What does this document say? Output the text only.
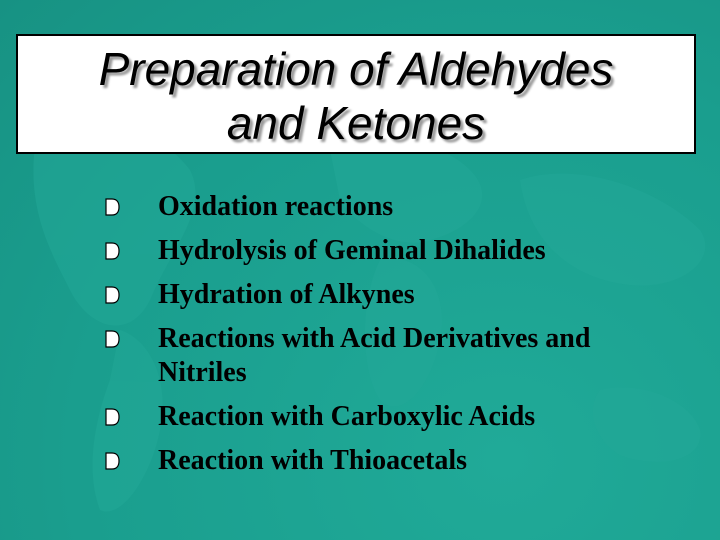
Preparation of Aldehydes
and Ketones
Oxidation reactions
Hydrolysis of Geminal Dihalides
Hydration of Alkynes
Reactions with Acid Derivatives and Nitriles
Reaction with Carboxylic Acids
Reaction with Thioacetals
